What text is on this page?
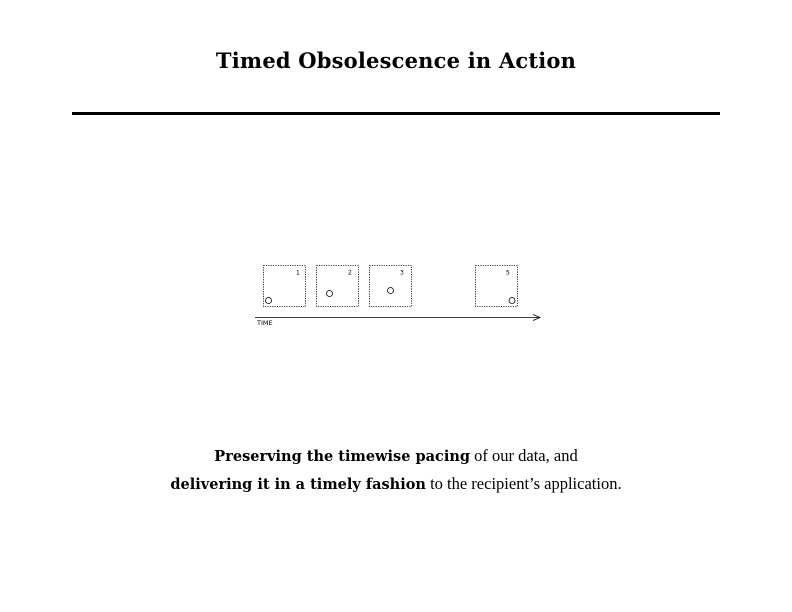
Timed Obsolescence in Action
1	2	3	5
TIME

Preserving the timewise pacing of our data, and

delivering it in a timely fashion to the recipient’s application.
